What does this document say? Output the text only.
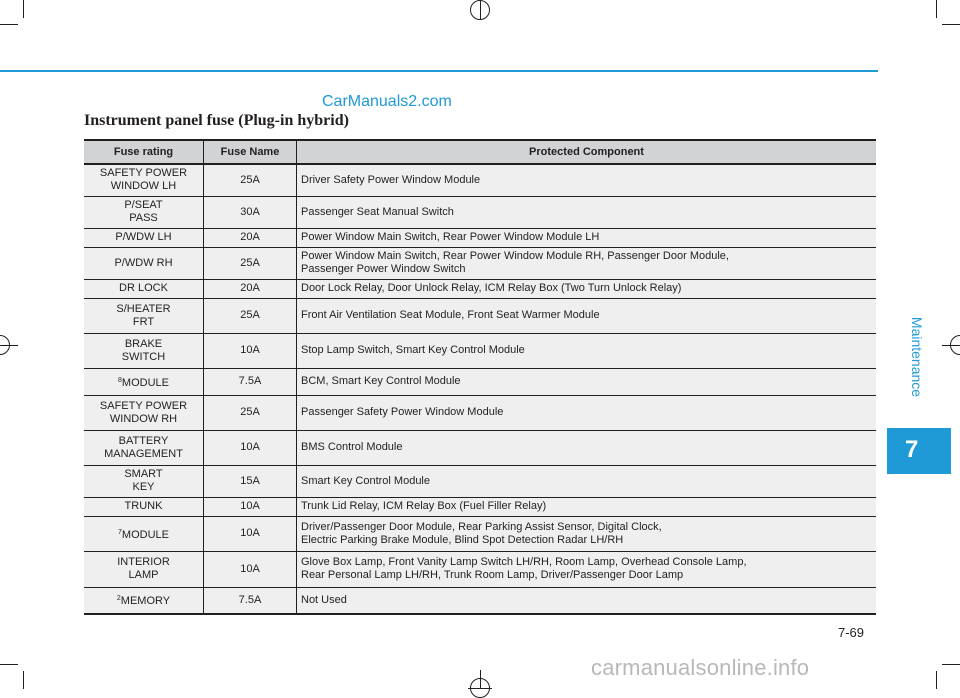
CarManuals2.com
Instrument panel fuse (Plug-in hybrid)
Maintenance
7
Fuse rating	Fuse Name	Protected Component
SAFETY POWER
WINDOW LH	25A	Driver Safety Power Window Module
P/SEAT
PASS	30A	Passenger Seat Manual Switch
P/WDW LH	20A	Power Window Main Switch, Rear Power Window Module LH
P/WDW RH	25A	Power Window Main Switch, Rear Power Window Module RH, Passenger Door Module,
Passenger Power Window Switch
DR LOCK	20A	Door Lock Relay, Door Unlock Relay, ICM Relay Box (Two Turn Unlock Relay)
S/HEATER
FRT	25A	Front Air Ventilation Seat Module, Front Seat Warmer Module
BRAKE
SWITCH	10A	Stop Lamp Switch, Smart Key Control Module
$^8$MODULE	7.5A	BCM, Smart Key Control Module
SAFETY POWER
WINDOW RH	25A	Passenger Safety Power Window Module
BATTERY
MANAGEMENT	10A	BMS Control Module
SMART
KEY	15A	Smart Key Control Module
TRUNK	10A	Trunk Lid Relay, ICM Relay Box (Fuel Filler Relay)
$^7$MODULE	10A	Driver/Passenger Door Module, Rear Parking Assist Sensor, Digital Clock,
Electric Parking Brake Module, Blind Spot Detection Radar LH/RH
INTERIOR
LAMP	10A	Glove Box Lamp, Front Vanity Lamp Switch LH/RH, Room Lamp, Overhead Console Lamp,
Rear Personal Lamp LH/RH, Trunk Room Lamp, Driver/Passenger Door Lamp
$^2$MEMORY	7.5A	Not Used
7-69
carmanualsonline.info
